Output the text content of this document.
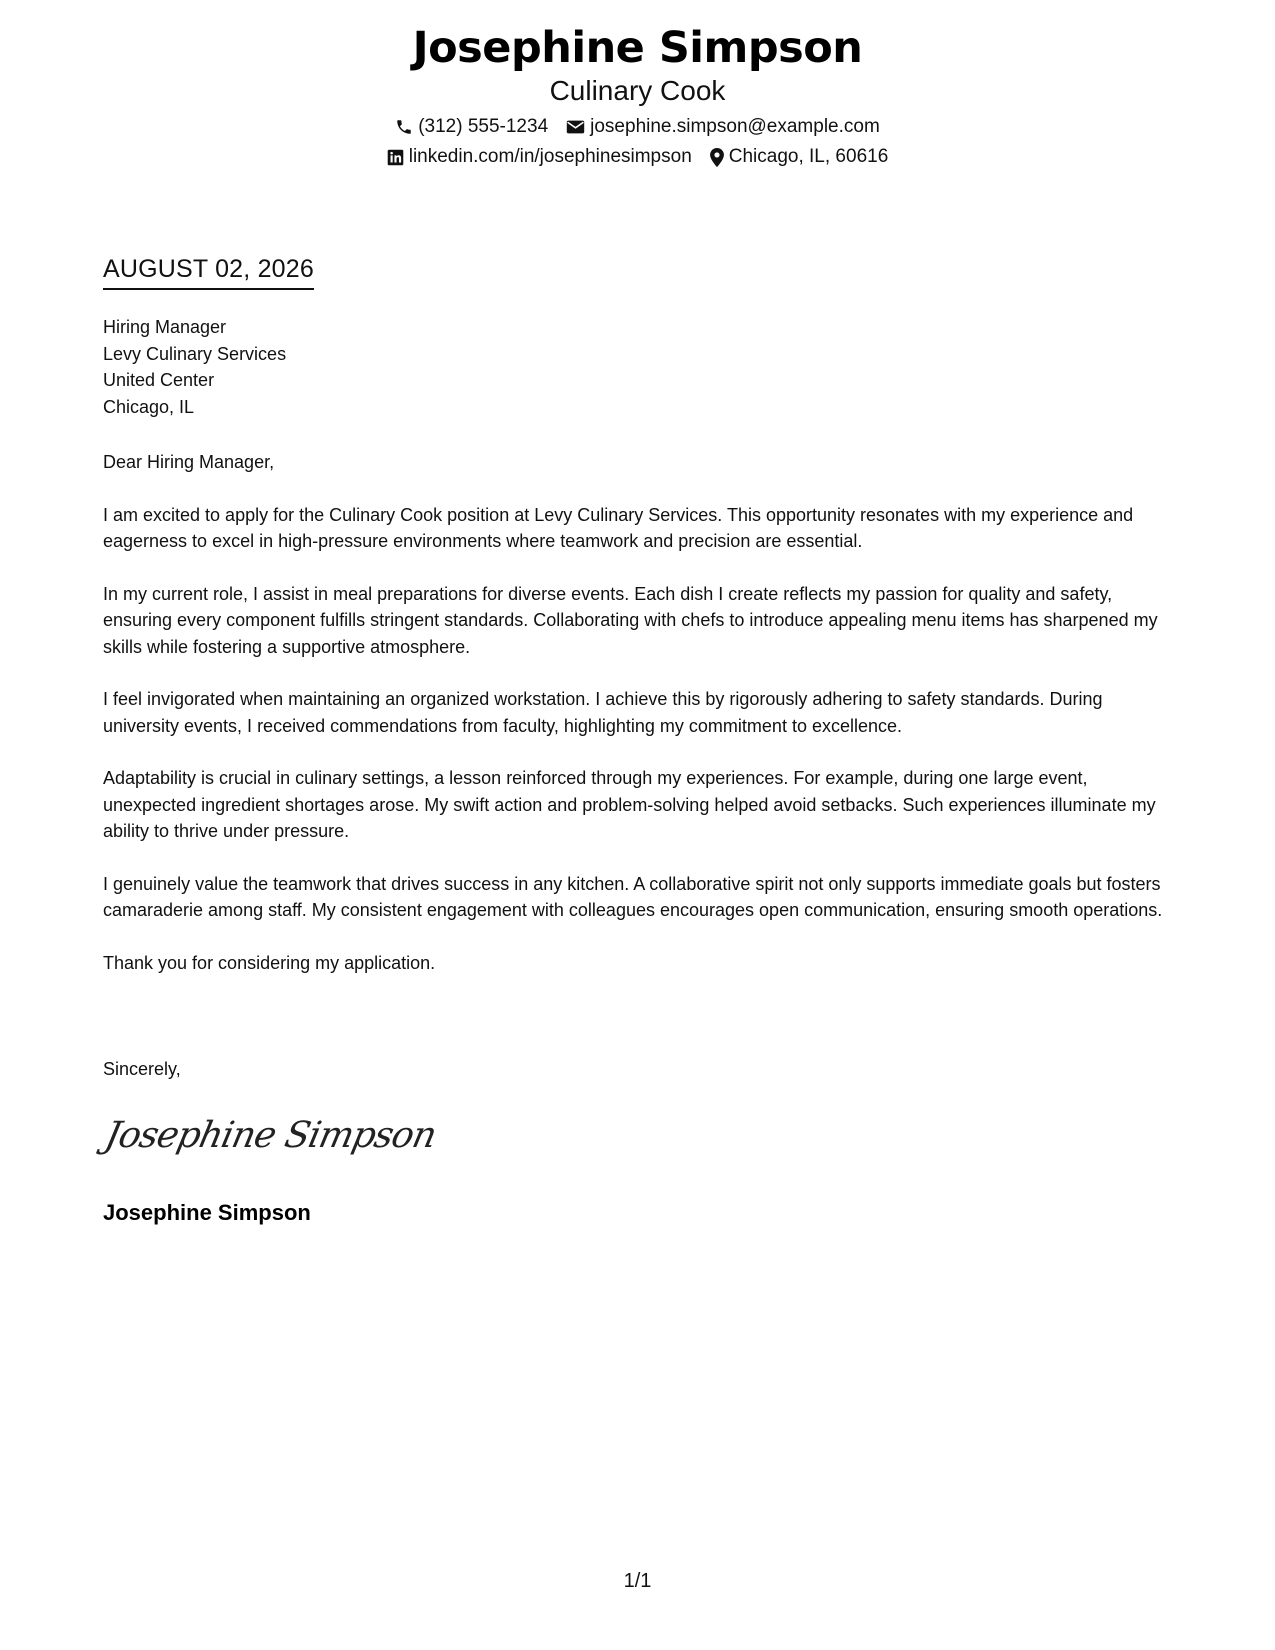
Josephine Simpson
Culinary Cook
(312) 555-1234 josephine.simpson@example.com
linkedin.com/in/josephinesimpson Chicago, IL, 60616
AUGUST 02, 2026
Hiring Manager
Levy Culinary Services
United Center
Chicago, IL

Dear Hiring Manager,

I am excited to apply for the Culinary Cook position at Levy Culinary Services. This opportunity resonates with my experience and eagerness to excel in high-pressure environments where teamwork and precision are essential.

In my current role, I assist in meal preparations for diverse events. Each dish I create reflects my passion for quality and safety, ensuring every component fulfills stringent standards. Collaborating with chefs to introduce appealing menu items has sharpened my skills while fostering a supportive atmosphere.

I feel invigorated when maintaining an organized workstation. I achieve this by rigorously adhering to safety standards. During university events, I received commendations from faculty, highlighting my commitment to excellence.

Adaptability is crucial in culinary settings, a lesson reinforced through my experiences. For example, during one large event, unexpected ingredient shortages arose. My swift action and problem-solving helped avoid setbacks. Such experiences illuminate my ability to thrive under pressure.

I genuinely value the teamwork that drives success in any kitchen. A collaborative spirit not only supports immediate goals but fosters camaraderie among staff. My consistent engagement with colleagues encourages open communication, ensuring smooth operations.

Thank you for considering my application.

Sincerely,
Josephine Simpson
Josephine Simpson
1/1
